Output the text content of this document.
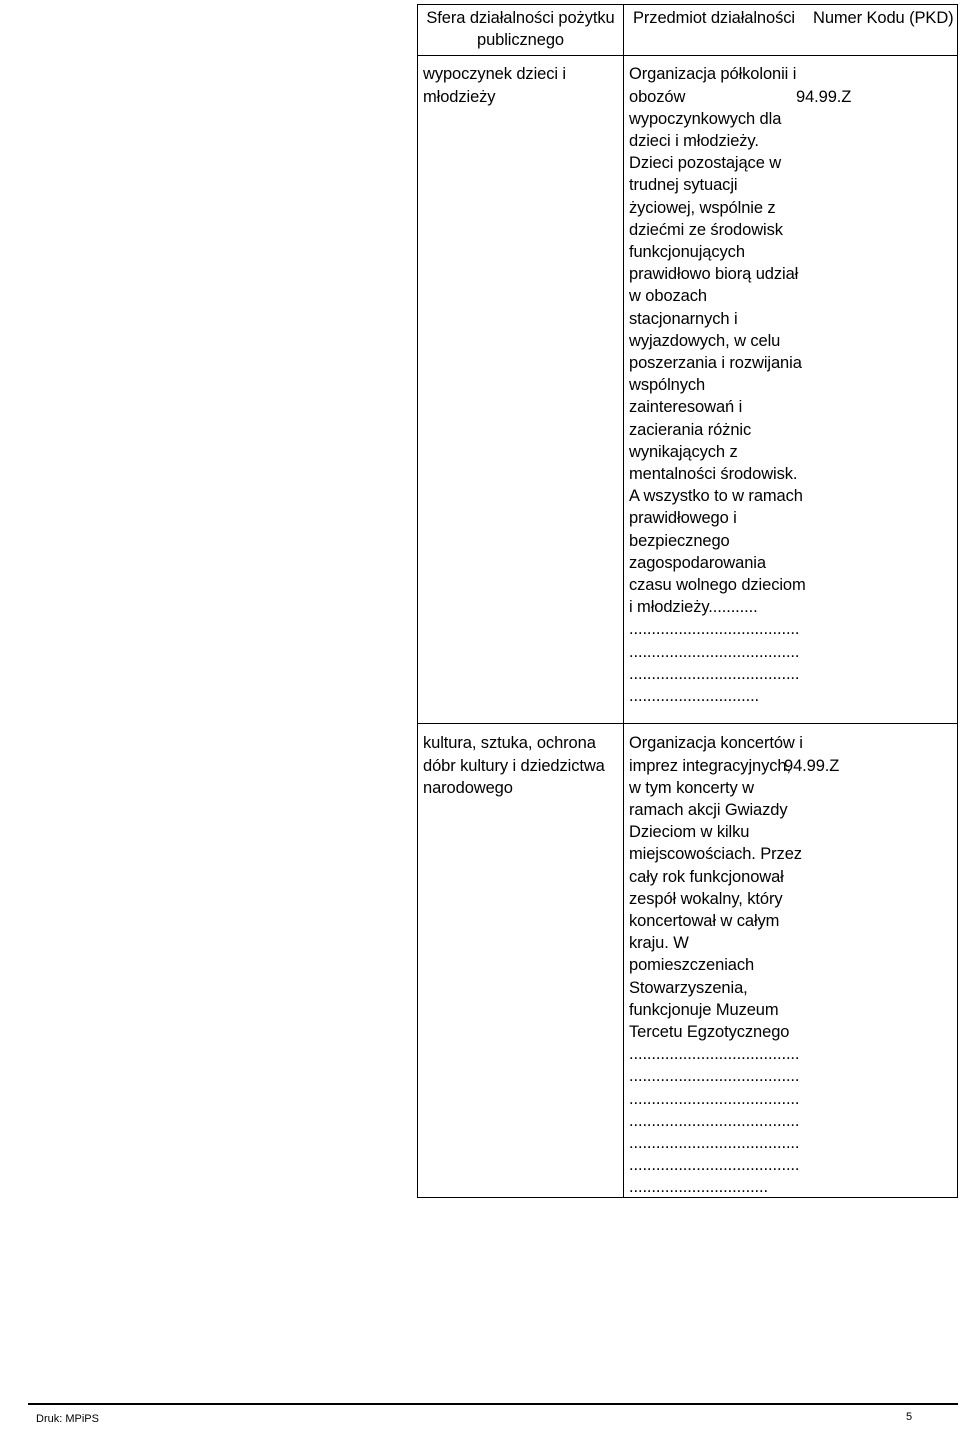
Sfera działalności pożytku publicznego
Przedmiot działalności	Numer Kodu (PKD)
wypoczynek dzieci i młodzieży
Organizacja półkolonii i obozów wypoczynkowych dla dzieci i młodzieży. Dzieci pozostające w trudnej sytuacji życiowej, wspólnie z dziećmi ze środowisk funkcjonujących prawidłowo biorą udział w obozach stacjonarnych i wyjazdowych, w celu poszerzania i rozwijania wspólnych zainteresowań i zacierania różnic wynikających z mentalności środowisk. A wszystko to w ramach prawidłowego i bezpiecznego zagospodarowania czasu wolnego dzieciom i młodzieży...........
......................................
......................................
......................................
.............................

94.99.Z

kultura, sztuka, ochrona dóbr kultury i dziedzictwa narodowego
Organizacja koncertów i imprez integracyjnych, w tym koncerty w ramach akcji Gwiazdy Dzieciom w kilku miejscowościach. Przez cały rok funkcjonował zespół wokalny, który koncertował w całym kraju. W pomieszczeniach Stowarzyszenia, funkcjonuje Muzeum Tercetu Egzotycznego
......................................
......................................
......................................
......................................
......................................
......................................
...............................

94.99.Z

Druk: MPiPS	5
